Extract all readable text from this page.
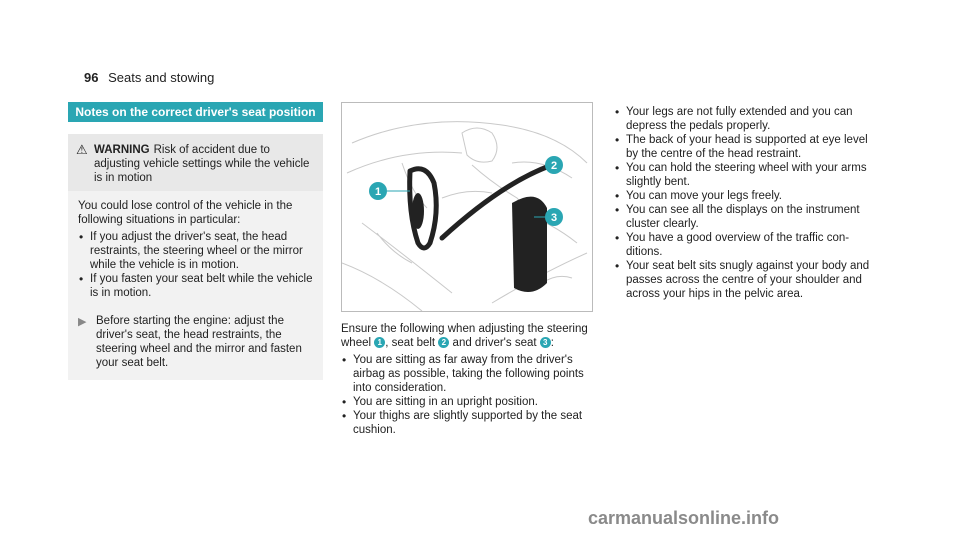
96 Seats and stowing
Notes on the correct driver's seat position
⚠ WARNING Risk of accident due to adjusting vehicle settings while the vehicle is in motion
You could lose control of the vehicle in the following situations in particular:
• If you adjust the driver's seat, the head restraints, the steering wheel or the mirror while the vehicle is in motion.
• If you fasten your seat belt while the vehicle is in motion.
▶ Before starting the engine: adjust the driver's seat, the head restraints, the steering wheel and the mirror and fasten your seat belt.
1
2
3
Ensure the following when adjusting the steering wheel 1 , seat belt 2 and driver's seat 3 :
• You are sitting as far away from the driver's airbag as possible, taking the following points into consideration.
• You are sitting in an upright position.
• Your thighs are slightly supported by the seat cushion.
• Your legs are not fully extended and you can depress the pedals properly.
• The back of your head is supported at eye level by the centre of the head restraint.
• You can hold the steering wheel with your arms slightly bent.
• You can move your legs freely.
• You can see all the displays on the instrument cluster clearly.
• You have a good overview of the traffic conditions.
• Your seat belt sits snugly against your body and passes across the centre of your shoulder and across your hips in the pelvic area.
carmanualsonline.info
